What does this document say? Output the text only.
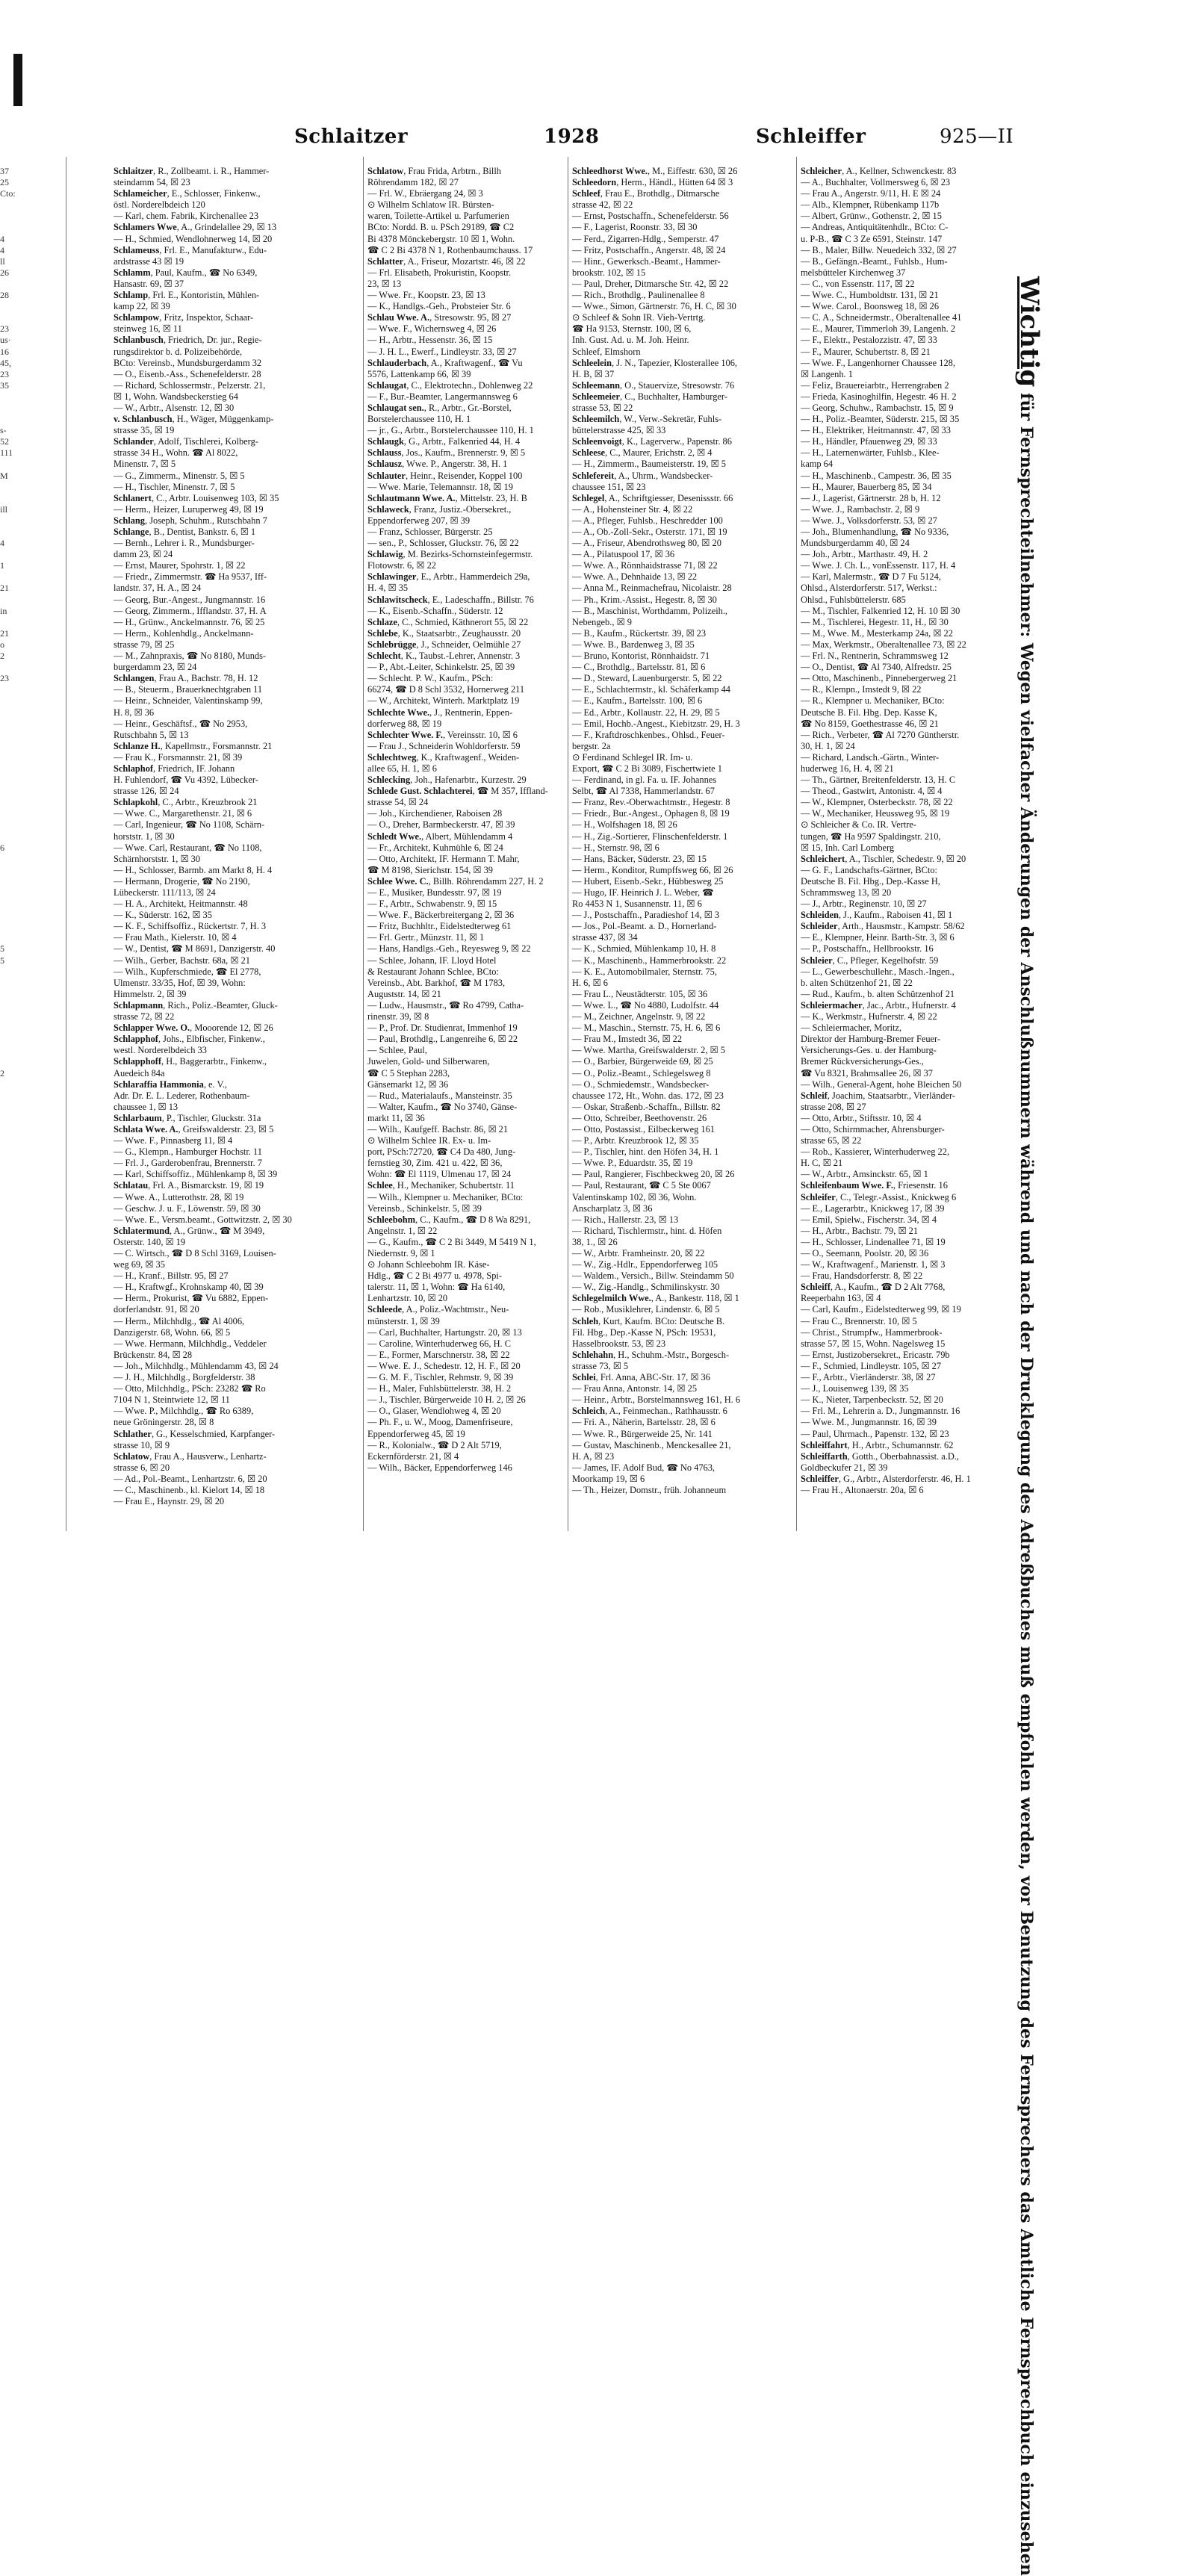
37
25
Cto:
4
4
ll
26
28
23
us·
16
45,
23
35
s-
52
111
M
ill
4
1
21
in
21
o
2
23
6
5
5
2
Schlaitzer	1928	Schleiffer	925—II
Schlaitzer, R., Zollbeamt. i. R., Hammer-
steindamm 54, ☒ 23
Schlameicher, E., Schlosser, Finkenw.,
östl. Norderelbdeich 120
— Karl, chem. Fabrik, Kirchenallee 23
Schlamers Wwe, A., Grindelallee 29, ☒ 13
— H., Schmied, Wendlohnerweg 14, ☒ 20
Schlameuss, Frl. E., Manufakturw., Edu-
ardstrasse 43 ☒ 19
Schlamm, Paul, Kaufm., ☎ No 6349,
Hansastr. 69, ☒ 37
Schlamp, Frl. E., Kontoristin, Mühlen-
kamp 22, ☒ 39
Schlampow, Fritz, Inspektor, Schaar-
steinweg 16, ☒ 11
Schlanbusch, Friedrich, Dr. jur., Regie-
rungsdirektor b. d. Polizeibehörde,
BCto: Vereinsb., Mundsburgerdamm 32
— O., Eisenb.-Ass., Schenefelderstr. 28
— Richard, Schlossermstr., Pelzerstr. 21,
☒ 1, Wohn. Wandsbeckerstieg 64
— W., Arbtr., Alsenstr. 12, ☒ 30
v. Schlanbusch, H., Wäger, Müggenkamp-
strasse 35, ☒ 19
Schlander, Adolf, Tischlerei, Kolberg-
strasse 34 H., Wohn. ☎ Al 8022,
Minenstr. 7, ☒ 5
— G., Zimmerm., Minenstr. 5, ☒ 5
— H., Tischler, Minenstr. 7, ☒ 5
Schlanert, C., Arbtr. Louisenweg 103, ☒ 35
— Herm., Heizer, Luruperweg 49, ☒ 19
Schlang, Joseph, Schuhm., Rutschbahn 7
Schlange, B., Dentist, Bankstr. 6, ☒ 1
— Bernh., Lehrer i. R., Mundsburger-
damm 23, ☒ 24
— Ernst, Maurer, Spohrstr. 1, ☒ 22
— Friedr., Zimmermstr. ☎ Ha 9537, Iff-
landstr. 37, H. A., ☒ 24
— Georg, Bur.-Angest., Jungmannstr. 16
— Georg, Zimmerm., Ifflandstr. 37, H. A
— H., Grünw., Anckelmannstr. 76, ☒ 25
— Herm., Kohlenhdlg., Anckelmann-
strasse 79, ☒ 25
— M., Zahnpraxis, ☎ No 8180, Munds-
burgerdamm 23, ☒ 24
Schlangen, Frau A., Bachstr. 78, H. 12
— B., Steuerm., Brauerknechtgraben 11
— Heinr., Schneider, Valentinskamp 99,
H. 8, ☒ 36
— Heinr., Geschäftsf., ☎ No 2953,
Rutschbahn 5, ☒ 13
Schlanze H., Kapellmstr., Forsmannstr. 21
— Frau K., Forsmannstr. 21, ☒ 39
Schlaphof, Friedrich, IF. Johann
H. Fuhlendorf, ☎ Vu 4392, Lübecker-
strasse 126, ☒ 24
Schlapkohl, C., Arbtr., Kreuzbrook 21
— Wwe. C., Margarethenstr. 21, ☒ 6
— Carl, Ingenieur, ☎ No 1108, Schärn-
horststr. 1, ☒ 30
— Wwe. Carl, Restaurant, ☎ No 1108,
Schärnhorststr. 1, ☒ 30
— H., Schlosser, Barmb. am Markt 8, H. 4
— Hermann, Drogerie, ☎ No 2190,
Lübeckerstr. 111/113, ☒ 24
— H. A., Architekt, Heitmannstr. 48
— K., Süderstr. 162, ☒ 35
— K. F., Schiffsoffiz., Rückertstr. 7, H. 3
— Frau Math., Kielerstr. 10, ☒ 4
— W., Dentist, ☎ M 8691, Danzigerstr. 40
— Wilh., Gerber, Bachstr. 68a, ☒ 21
— Wilh., Kupferschmiede, ☎ El 2778,
Ulmenstr. 33/35, Hof, ☒ 39, Wohn:
Himmelstr. 2, ☒ 39
Schlapmann, Rich., Poliz.-Beamter, Gluck-
strasse 72, ☒ 22
Schlapper Wwe. O., Mooorende 12, ☒ 26
Schlapphof, Johs., Elbfischer, Finkenw.,
westl. Norderelbdeich 33
Schlapphoff, H., Baggerarbtr., Finkenw.,
Auedeich 84a
Schlaraffia Hammonia, e. V.,
Adr. Dr. E. L. Lederer, Rothenbaum-
chaussee 1, ☒ 13
Schlarbaum, P., Tischler, Gluckstr. 31a
Schlata Wwe. A., Greifswalderstr. 23, ☒ 5
— Wwe. F., Pinnasberg 11, ☒ 4
— G., Klempn., Hamburger Hochstr. 11
— Frl. J., Garderobenfrau, Brennerstr. 7
— Karl, Schiffsoffiz., Mühlenkamp 8, ☒ 39
Schlatau, Frl. A., Bismarckstr. 19, ☒ 19
— Wwe. A., Lutterothstr. 28, ☒ 19
— Geschw. J. u. F., Löwenstr. 59, ☒ 30
— Wwe. E., Versm.beamt., Gottwitzstr. 2, ☒ 30
Schlatermund, A., Grünw., ☎ M 3949,
Osterstr. 140, ☒ 19
— C. Wirtsch., ☎ D 8 Schl 3169, Louisen-
weg 69, ☒ 35
— H., Kranf., Billstr. 95, ☒ 27
— H., Kraftwgf., Krohnskamp 40, ☒ 39
— Herm., Prokurist, ☎ Vu 6882, Eppen-
dorferlandstr. 91, ☒ 20
— Herm., Milchhdlg., ☎ Al 4006,
Danzigerstr. 68, Wohn. 66, ☒ 5
— Wwe. Hermann, Milchhdlg., Veddeler
Brückenstr. 84, ☒ 28
— Joh., Milchhdlg., Mühlendamm 43, ☒ 24
— J. H., Milchhdlg., Borgfelderstr. 38
— Otto, Milchhdlg., PSch: 23282 ☎ Ro
7104 N 1, Steintwiete 12, ☒ 11
— Wwe. P., Milchhdlg., ☎ Ro 6389,
neue Gröningerstr. 28, ☒ 8
Schlather, G., Kesselschmied, Karpfanger-
strasse 10, ☒ 9
Schlatow, Frau A., Hausverw., Lenhartz-
strasse 6, ☒ 20
— Ad., Pol.-Beamt., Lenhartzstr. 6, ☒ 20
— C., Maschinenb., kl. Kielort 14, ☒ 18
— Frau E., Haynstr. 29, ☒ 20
Schlatow, Frau Frida, Arbtrn., Billh
Röhrendamm 182, ☒ 27
— Frl. W., Ebräergang 24, ☒ 3
⊙ Wilhelm Schlatow IR. Bürsten-
waren, Toilette-Artikel u. Parfumerien
BCto: Nordd. B. u. PSch 29189, ☎ C2
Bi 4378 Mönckebergstr. 10 ☒ 1, Wohn.
☎ C 2 Bi 4378 N 1, Rothenbaumchauss. 17
Schlatter, A., Friseur, Mozartstr. 46, ☒ 22
— Frl. Elisabeth, Prokuristin, Koopstr.
23, ☒ 13
— Wwe. Fr., Koopstr. 23, ☒ 13
— K., Handlgs.-Geh., Probsteier Str. 6
Schlau Wwe. A., Stresowstr. 95, ☒ 27
— Wwe. F., Wichernsweg 4, ☒ 26
— H., Arbtr., Hessenstr. 36, ☒ 15
— J. H. L., Ewerf., Lindleystr. 33, ☒ 27
Schlauderbach, A., Kraftwagenf., ☎ Vu
5576, Lattenkamp 66, ☒ 39
Schlaugat, C., Elektrotechn., Dohlenweg 22
— F., Bur.-Beamter, Langermannsweg 6
Schlaugat sen., R., Arbtr., Gr.-Borstel,
Borstelerchaussee 110, H. 1
— jr., G., Arbtr., Borstelerchaussee 110, H. 1
Schlaugk, G., Arbtr., Falkenried 44, H. 4
Schlauss, Jos., Kaufm., Brennerstr. 9, ☒ 5
Schlausz, Wwe. P., Angerstr. 38, H. 1
Schlauter, Heinr., Reisender, Koppel 100
— Wwe. Marie, Telemannstr. 18, ☒ 19
Schlautmann Wwe. A., Mittelstr. 23, H. B
Schlaweck, Franz, Justiz.-Obersekret.,
Eppendorferweg 207, ☒ 39
— Franz, Schlosser, Bürgerstr. 25
— sen., P., Schlosser, Gluckstr. 76, ☒ 22
Schlawig, M. Bezirks-Schornsteinfegermstr.
Flotowstr. 6, ☒ 22
Schlawinger, E., Arbtr., Hammerdeich 29a,
H. 4, ☒ 35
Schlawitscheck, E., Ladeschaffn., Billstr. 76
— K., Eisenb.-Schaffn., Süderstr. 12
Schlaze, C., Schmied, Käthnerort 55, ☒ 22
Schlebe, K., Staatsarbtr., Zeughausstr. 20
Schlebrügge, J., Schneider, Oelmühle 27
Schlecht, K., Taubst.-Lehrer, Annenstr. 3
— P., Abt.-Leiter, Schinkelstr. 25, ☒ 39
— Schlecht. P. W., Kaufm., PSch:
66274, ☎ D 8 Schl 3532, Hornerweg 211
— W., Architekt, Winterh. Marktplatz 19
Schlechte Wwe., J., Rentnerin, Eppen-
dorferweg 88, ☒ 19
Schlechter Wwe. F., Vereinsstr. 10, ☒ 6
— Frau J., Schneiderin Wohldorferstr. 59
Schlechtweg, K., Kraftwagenf., Weiden-
allee 65, H. 1, ☒ 6
Schlecking, Joh., Hafenarbtr., Kurzestr. 29
Schlede Gust. Schlachterei, ☎ M 357, Iffland-
strasse 54, ☒ 24
— Joh., Kirchendiener, Raboisen 28
— O., Dreher, Barmbeckerstr. 47, ☒ 39
Schledt Wwe., Albert, Mühlendamm 4
— Fr., Architekt, Kuhmühle 6, ☒ 24
— Otto, Architekt, IF. Hermann T. Mahr,
☎ M 8198, Sierichstr. 154, ☒ 39
Schlee Wwe. C., Billh. Röhrendamm 227, H. 2
— E., Musiker, Bundesstr. 97, ☒ 19
— F., Arbtr., Schwabenstr. 9, ☒ 15
— Wwe. F., Bäckerbreitergang 2, ☒ 36
— Fritz, Buchhltr., Eidelstedterweg 61
— Frl. Gertr., Münzstr. 11, ☒ 1
— Hans, Handlgs.-Geh., Reyesweg 9, ☒ 22
— Schlee, Johann, IF. Lloyd Hotel
& Restaurant Johann Schlee, BCto:
Vereinsb., Abt. Barkhof, ☎ M 1783,
Auguststr. 14, ☒ 21
— Ludw., Hausmstr., ☎ Ro 4799, Catha-
rinenstr. 39, ☒ 8
— P., Prof. Dr. Studienrat, Immenhof 19
— Paul, Brothdlg., Langenreihe 6, ☒ 22
— Schlee, Paul,
Juwelen, Gold- und Silberwaren,
☎ C 5 Stephan 2283,
Gänsemarkt 12, ☒ 36
— Rud., Materialaufs., Mansteinstr. 35
— Walter, Kaufm., ☎ No 3740, Gänse-
markt 11, ☒ 36
— Wilh., Kaufgeff. Bachstr. 86, ☒ 21
⊙ Wilhelm Schlee IR. Ex- u. Im-
port, PSch:72720, ☎ C4 Da 480, Jung-
fernstieg 30, Zim. 421 u. 422, ☒ 36,
Wohn: ☎ El 1119, Ulmenau 17, ☒ 24
Schlee, H., Mechaniker, Schubertstr. 11
— Wilh., Klempner u. Mechaniker, BCto:
Vereinsb., Schinkelstr. 5, ☒ 39
Schleebohm, C., Kaufm., ☎ D 8 Wa 8291,
Angelnstr. 1, ☒ 22
— G., Kaufm., ☎ C 2 Bi 3449, M 5419 N 1,
Niedernstr. 9, ☒ 1
⊙ Johann Schleebohm IR. Käse-
Hdlg., ☎ C 2 Bi 4977 u. 4978, Spi-
talerstr. 11, ☒ 1, Wohn: ☎ Ha 6140,
Lenhartzstr. 10, ☒ 20
Schleede, A., Poliz.-Wachtmstr., Neu-
münsterstr. 1, ☒ 39
— Carl, Buchhalter, Hartungstr. 20, ☒ 13
— Caroline, Winterhuderweg 66, H. C
— E., Former, Marschnerstr. 38, ☒ 22
— Wwe. E. J., Schedestr. 12, H. F., ☒ 20
— G. M. F., Tischler, Rehmstr. 9, ☒ 39
— H., Maler, Fuhlsbüttelerstr. 38, H. 2
— J., Tischler, Bürgerweide 10 H. 2, ☒ 26
— O., Glaser, Wendlohweg 4, ☒ 20
— Ph. F., u. W., Moog, Damenfriseure,
Eppendorferweg 45, ☒ 19
— R., Kolonialw., ☎ D 2 Alt 5719,
Eckernförderstr. 21, ☒ 4
— Wilh., Bäcker, Eppendorferweg 146
Schleedhorst Wwe., M., Eiffestr. 630, ☒ 26
Schleedorn, Herm., Händl., Hütten 64 ☒ 3
Schleef, Frau E., Brothdlg., Ditmarsche
strasse 42, ☒ 22
— Ernst, Postschaffn., Schenefelderstr. 56
— F., Lagerist, Roonstr. 33, ☒ 30
— Ferd., Zigarren-Hdlg., Semperstr. 47
— Fritz, Postschaffn., Angerstr. 48, ☒ 24
— Hinr., Gewerksch.-Beamt., Hammer-
brookstr. 102, ☒ 15
— Paul, Dreher, Ditmarsche Str. 42, ☒ 22
— Rich., Brothdlg., Paulinenallee 8
— Wwe., Simon, Gärtnerstr. 76, H. C, ☒ 30
⊙ Schleef & Sohn IR. Vieh-Vertrtg.
☎ Ha 9153, Sternstr. 100, ☒ 6,
Inh. Gust. Ad. u. M. Joh. Heinr.
Schleef, Elmshorn
Schleelein, J. N., Tapezier, Klosterallee 106,
H. B, ☒ 37
Schleemann, O., Stauervize, Stresowstr. 76
Schleemeier, C., Buchhalter, Hamburger-
strasse 53, ☒ 22
Schleemilch, W., Verw.-Sekretär, Fuhls-
büttelerstrasse 425, ☒ 33
Schleenvoigt, K., Lagerverw., Papenstr. 86
Schleese, C., Maurer, Erichstr. 2, ☒ 4
— H., Zimmerm., Baumeisterstr. 19, ☒ 5
Schlefereit, A., Uhrm., Wandsbecker-
chaussee 151, ☒ 23
Schlegel, A., Schriftgiesser, Desenissstr. 66
— A., Hohensteiner Str. 4, ☒ 22
— A., Pfleger, Fuhlsb., Heschredder 100
— A., Ob.-Zoll-Sekr., Osterstr. 171, ☒ 19
— A., Friseur, Abendrothsweg 80, ☒ 20
— A., Pilatuspool 17, ☒ 36
— Wwe. A., Rönnhaidstrasse 71, ☒ 22
— Wwe. A., Dehnhaide 13, ☒ 22
— Anna M., Reinmachefrau, Nicolaistr. 28
— Ph., Krim.-Assist., Hegestr. 8, ☒ 30
— B., Maschinist, Worthdamm, Polizeih.,
Nebengeb., ☒ 9
— B., Kaufm., Rückertstr. 39, ☒ 23
— Wwe. B., Bardenweg 3, ☒ 35
— Bruno, Kontorist, Rönnhaidstr. 71
— C., Brothdlg., Bartelsstr. 81, ☒ 6
— D., Steward, Lauenburgerstr. 5, ☒ 22
— E., Schlachtermstr., kl. Schäferkamp 44
— E., Kaufm., Bartelsstr. 100, ☒ 6
— Ed., Arbtr., Kollaustr. 22, H. 29, ☒ 5
— Emil, Hochb.-Angest., Kiebitzstr. 29, H. 3
— F., Kraftdroschkenbes., Ohlsd., Feuer-
bergstr. 2a
⊙ Ferdinand Schlegel IR. Im- u.
Export, ☎ C 2 Bi 3089, Fischertwiete 1
— Ferdinand, in gl. Fa. u. IF. Johannes
Selbt, ☎ Al 7338, Hammerlandstr. 67
— Franz, Rev.-Oberwachtmstr., Hegestr. 8
— Friedr., Bur.-Angest., Ophagen 8, ☒ 19
— H., Wolfshagen 18, ☒ 26
— H., Zig.-Sortierer, Flinschenfelderstr. 1
— H., Sternstr. 98, ☒ 6
— Hans, Bäcker, Süderstr. 23, ☒ 15
— Herm., Konditor, Rumpffsweg 66, ☒ 26
— Hubert, Eisenb.-Sekr., Hübbesweg 25
— Hugo, IF. Heinrich J. L. Weber, ☎
Ro 4453 N 1, Susannenstr. 11, ☒ 6
— J., Postschaffn., Paradieshof 14, ☒ 3
— Jos., Pol.-Beamt. a. D., Hornerland-
strasse 437, ☒ 34
— K., Schmied, Mühlenkamp 10, H. 8
— K., Maschinenb., Hammerbrookstr. 22
— K. E., Automobilmaler, Sternstr. 75,
H. 6, ☒ 6
— Frau L., Neustädterstr. 105, ☒ 36
— Wwe. L., ☎ No 4880, Ludolfstr. 44
— M., Zeichner, Angelnstr. 9, ☒ 22
— M., Maschin., Sternstr. 75, H. 6, ☒ 6
— Frau M., Imstedt 36, ☒ 22
— Wwe. Martha, Greifswalderstr. 2, ☒ 5
— O., Barbier, Bürgerweide 69, ☒ 25
— O., Poliz.-Beamt., Schlegelsweg 8
— O., Schmiedemstr., Wandsbecker-
chaussee 172, Ht., Wohn. das. 172, ☒ 23
— Oskar, Straßenb.-Schaffn., Billstr. 82
— Otto, Schreiber, Beethovenstr. 26
— Otto, Postassist., Eilbeckerweg 161
— P., Arbtr. Kreuzbrook 12, ☒ 35
— P., Tischler, hint. den Höfen 34, H. 1
— Wwe. P., Eduardstr. 35, ☒ 19
— Paul, Rangierer, Fischbeckweg 20, ☒ 26
— Paul, Restaurant, ☎ C 5 Ste 0067
Valentinskamp 102, ☒ 36, Wohn.
Anscharplatz 3, ☒ 36
— Rich., Hallerstr. 23, ☒ 13
— Richard, Tischlermstr., hint. d. Höfen
38, 1., ☒ 26
— W., Arbtr. Framheinstr. 20, ☒ 22
— W., Zig.-Hdlr., Eppendorferweg 105
— Waldem., Versich., Billw. Steindamm 50
— W., Zig.-Handlg., Schmilinskystr. 30
Schlegelmilch Wwe., A., Bankestr. 118, ☒ 1
— Rob., Musiklehrer, Lindenstr. 6, ☒ 5
Schleh, Kurt, Kaufm. BCto: Deutsche B.
Fil. Hbg., Dep.-Kasse N, PSch: 19531,
Hasselbrookstr. 53, ☒ 23
Schlehahn, H., Schuhm.-Mstr., Borgesch-
strasse 73, ☒ 5
Schlei, Frl. Anna, ABC-Str. 17, ☒ 36
— Frau Anna, Antonstr. 14, ☒ 25
— Heinr., Arbtr., Borstelmannsweg 161, H. 6
Schleich, A., Feinmechan., Rathhausstr. 6
— Fri. A., Näherin, Bartelsstr. 28, ☒ 6
— Wwe. R., Bürgerweide 25, Nr. 141
— Gustav, Maschinenb., Menckesallee 21,
H. A, ☒ 23
— James, IF. Adolf Bud, ☎ No 4763,
Moorkamp 19, ☒ 6
— Th., Heizer, Domstr., früh. Johanneum
Schleicher, A., Kellner, Schwenckestr. 83
— A., Buchhalter, Vollmersweg 6, ☒ 23
— Frau A., Angerstr. 9/11, H. E ☒ 24
— Alb., Klempner, Rübenkamp 117b
— Albert, Grünw., Gothenstr. 2, ☒ 15
— Andreas, Antiquitätenhdlr., BCto: C-
u. P-B., ☎ C 3 Ze 6591, Steinstr. 147
— B., Maler, Billw. Neuedeich 332, ☒ 27
— B., Gefängn.-Beamt., Fuhlsb., Hum-
melsbütteler Kirchenweg 37
— C., von Essenstr. 117, ☒ 22
— Wwe. C., Humboldtstr. 131, ☒ 21
— Wwe. Carol., Boonsweg 18, ☒ 26
— C. A., Schneidermstr., Oberaltenallee 41
— E., Maurer, Timmerloh 39, Langenh. 2
— F., Elektr., Pestalozzistr. 47, ☒ 33
— F., Maurer, Schubertstr. 8, ☒ 21
— Wwe. F., Langenhorner Chaussee 128,
☒ Langenh. 1
— Feliz, Brauereiarbtr., Herrengraben 2
— Frieda, Kasinoghilfin, Hegestr. 46 H. 2
— Georg, Schuhw., Rambachstr. 15, ☒ 9
— H., Poliz.-Beamter, Süderstr. 215, ☒ 35
— H., Elektriker, Heitmannstr. 47, ☒ 33
— H., Händler, Pfauenweg 29, ☒ 33
— H., Laternenwärter, Fuhlsb., Klee-
kamp 64
— H., Maschinenb., Campestr. 36, ☒ 35
— H., Maurer, Bauerberg 85, ☒ 34
— J., Lagerist, Gärtnerstr. 28 b, H. 12
— Wwe. J., Rambachstr. 2, ☒ 9
— Wwe. J., Volksdorferstr. 53, ☒ 27
— Joh., Blumenhandlung, ☎ No 9336,
Mundsburgerdamm 40, ☒ 24
— Joh., Arbtr., Marthastr. 49, H. 2
— Wwe. J. Ch. L., vonEssenstr. 117, H. 4
— Karl, Malermstr., ☎ D 7 Fu 5124,
Ohlsd., Alsterdorferstr. 517, Werkst.:
Ohlsd., Fuhlsbüttelerstr. 685
— M., Tischler, Falkenried 12, H. 10 ☒ 30
— M., Tischlerei, Hegestr. 11, H., ☒ 30
— M., Wwe. M., Mesterkamp 24a, ☒ 22
— Max, Werkmstr., Oberaltenallee 73, ☒ 22
— Frl. N., Rentnerin, Schrammsweg 12
— O., Dentist, ☎ Al 7340, Alfredstr. 25
— Otto, Maschinenb., Pinnebergerweg 21
— R., Klempn., Imstedt 9, ☒ 22
— R., Klempner u. Mechaniker, BCto:
Deutsche B. Fil. Hbg. Dep. Kasse K,
☎ No 8159, Goethestrasse 46, ☒ 21
— Rich., Verbeter, ☎ Al 7270 Güntherstr.
30, H. 1, ☒ 24
— Richard, Landsch.-Gärtn., Winter-
huderweg 16, H. 4, ☒ 21
— Th., Gärtner, Breitenfelderstr. 13, H. C
— Theod., Gastwirt, Antonistr. 4, ☒ 4
— W., Klempner, Osterbeckstr. 78, ☒ 22
— W., Mechaniker, Heussweg 95, ☒ 19
⊙ Schleicher & Co. IR. Vertre-
tungen, ☎ Ha 9597 Spaldingstr. 210,
☒ 15, Inh. Carl Lomberg
Schleichert, A., Tischler, Schedestr. 9, ☒ 20
— G. F., Landschafts-Gärtner, BCto:
Deutsche B. Fil. Hbg., Dep.-Kasse H,
Schrammsweg 13, ☒ 20
— J., Arbtr., Reginenstr. 10, ☒ 27
Schleiden, J., Kaufm., Raboisen 41, ☒ 1
Schleider, Arth., Hausmstr., Kampstr. 58/62
— E., Klempner, Heinr. Barth-Str. 3, ☒ 6
— P., Postschaffn., Hellbrookstr. 16
Schleier, C., Pfleger, Kegelhofstr. 59
— L., Gewerbeschullehr., Masch.-Ingen.,
b. alten Schützenhof 21, ☒ 22
— Rud., Kaufm., b. alten Schützenhof 21
Schleiermacher, Jac., Arbtr., Hufnerstr. 4
— K., Werkmstr., Hufnerstr. 4, ☒ 22
— Schleiermacher, Moritz,
Direktor der Hamburg-Bremer Feuer-
Versicherungs-Ges. u. der Hamburg-
Bremer Rückversicherungs-Ges.,
☎ Vu 8321, Brahmsallee 26, ☒ 37
— Wilh., General-Agent, hohe Bleichen 50
Schleif, Joachim, Staatsarbtr., Vierländer-
strasse 208, ☒ 27
— Otto, Arbtr., Stiftsstr. 10, ☒ 4
— Otto, Schirmmacher, Ahrensburger-
strasse 65, ☒ 22
— Rob., Kassierer, Winterhuderweg 22,
H. C, ☒ 21
— W., Arbtr., Amsinckstr. 65, ☒ 1
Schleifenbaum Wwe. F., Friesenstr. 16
Schleifer, C., Telegr.-Assist., Knickweg 6
— E., Lagerarbtr., Knickweg 17, ☒ 39
— Emil, Spielw., Fischerstr. 34, ☒ 4
— H., Arbtr., Bachstr. 79, ☒ 21
— H., Schlosser, Lindenallee 71, ☒ 19
— O., Seemann, Poolstr. 20, ☒ 36
— W., Kraftwagenf., Marienstr. 1, ☒ 3
— Frau, Handsdorferstr. 8, ☒ 22
Schleiff, A., Kaufm., ☎ D 2 Alt 7768,
Reeperbahn 163, ☒ 4
— Carl, Kaufm., Eidelstedterweg 99, ☒ 19
— Frau C., Brennerstr. 10, ☒ 5
— Christ., Strumpfw., Hammerbrook-
strasse 57, ☒ 15, Wohn. Nagelsweg 15
— Ernst, Justizobersekret., Ericastr. 79b
— F., Schmied, Lindleystr. 105, ☒ 27
— F., Arbtr., Vierländerstr. 38, ☒ 27
— J., Louisenweg 139, ☒ 35
— K., Nieter, Tarpenbeckstr. 52, ☒ 20
— Frl. M., Lehrerin a. D., Jungmannstr. 16
— Wwe. M., Jungmannstr. 16, ☒ 39
— Paul, Uhrmach., Papenstr. 132, ☒ 23
Schleiffahrt, H., Arbtr., Schumannstr. 62
Schleiffarth, Gotth., Oberbahnassist. a.D.,
Goldbeckufer 21, ☒ 39
Schleiffer, G., Arbtr., Alsterdorferstr. 46, H. 1
— Frau H., Altonaerstr. 20a, ☒ 6
Wichtig für Fernsprechteilnehmer: Wegen vielfacher Änderungen der Anschlußnummern während und nach der Drucklegung des Adreßbuches muß empfohlen werden, vor Benutzung des Fernsprechers das Amtliche Fernsprechbuch einzusehen
